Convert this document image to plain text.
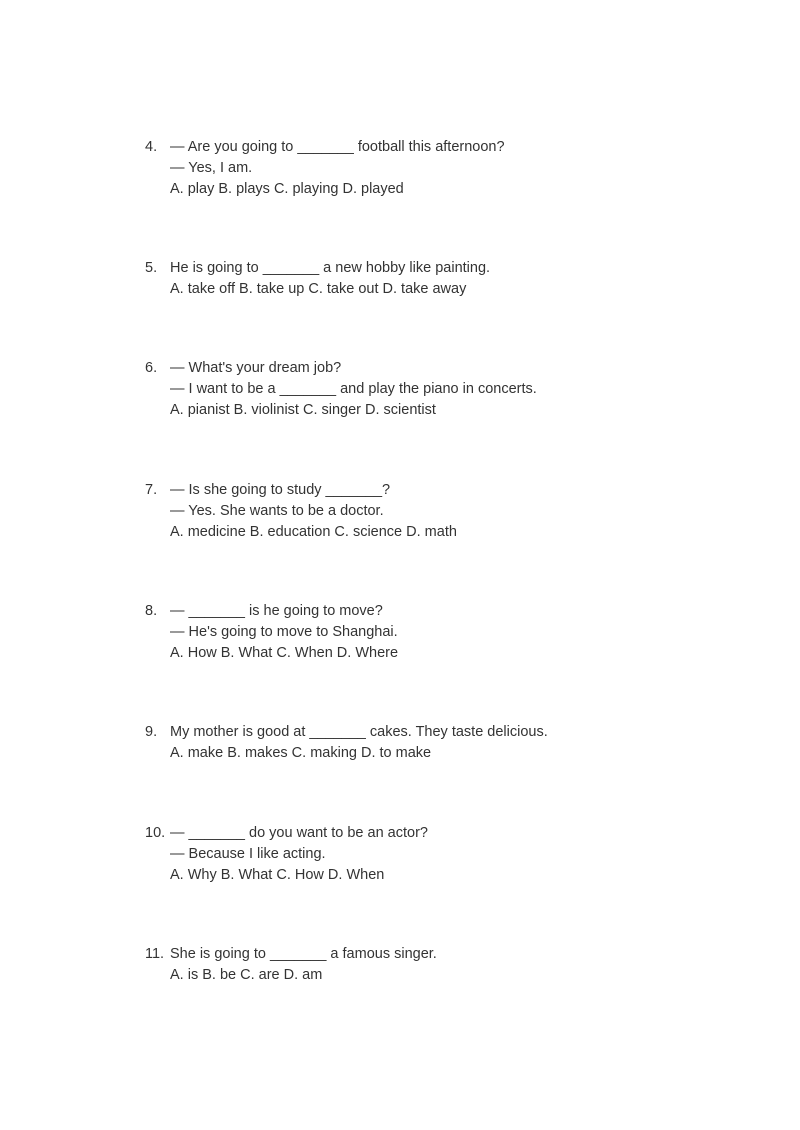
4. — Are you going to _______ football this afternoon?
— Yes, I am.
A. play B. plays C. playing D. played
5. He is going to _______ a new hobby like painting.
A. take off B. take up C. take out D. take away
6. — What's your dream job?
— I want to be a _______ and play the piano in concerts.
A. pianist B. violinist C. singer D. scientist
7. — Is she going to study _______?
— Yes. She wants to be a doctor.
A. medicine B. education C. science D. math
8. — _______ is he going to move?
— He's going to move to Shanghai.
A. How B. What C. When D. Where
9. My mother is good at _______ cakes. They taste delicious.
A. make B. makes C. making D. to make
10. — _______ do you want to be an actor?
— Because I like acting.
A. Why B. What C. How D. When
11. She is going to _______ a famous singer.
A. is B. be C. are D. am
